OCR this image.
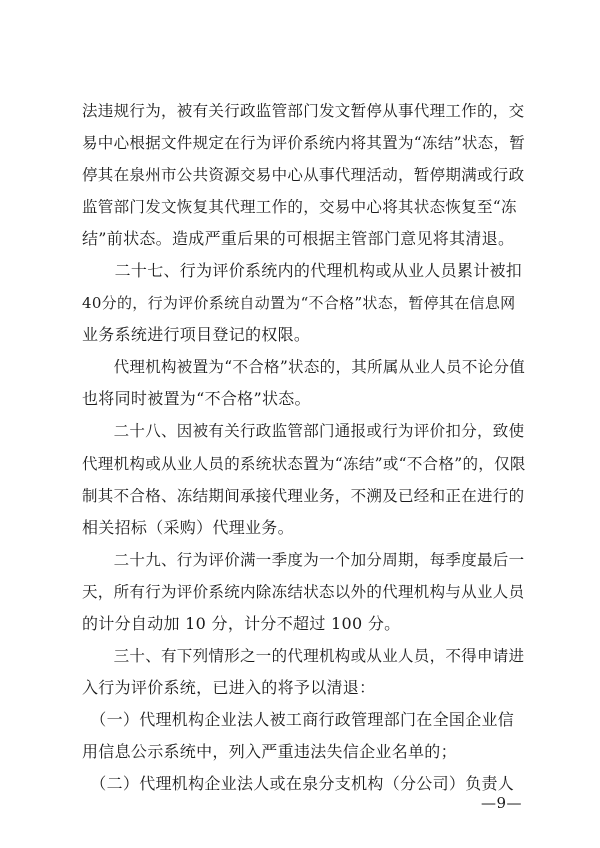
法违规行为，被有关行政监管部门发文暂停从事代理工作的，交
易中心根据文件规定在行为评价系统内将其置为“冻结”状态，暂
停其在泉州市公共资源交易中心从事代理活动，暂停期满或行政
监管部门发文恢复其代理工作的，交易中心将其状态恢复至“冻
结”前状态。造成严重后果的可根据主管部门意见将其清退。
　　二十七、行为评价系统内的代理机构或从业人员累计被扣
40分的，行为评价系统自动置为“不合格”状态，暂停其在信息网
业务系统进行项目登记的权限。
　　代理机构被置为“不合格”状态的，其所属从业人员不论分值
也将同时被置为“不合格”状态。
　　二十八、因被有关行政监管部门通报或行为评价扣分，致使
代理机构或从业人员的系统状态置为“冻结”或“不合格”的，仅限
制其不合格、冻结期间承接代理业务，不溯及已经和正在进行的
相关招标（采购）代理业务。
　　二十九、行为评价满一季度为一个加分周期，每季度最后一
天，所有行为评价系统内除冻结状态以外的代理机构与从业人员
的计分自动加 10 分，计分不超过 100 分。
　　三十、有下列情形之一的代理机构或从业人员，不得申请进
入行为评价系统，已进入的将予以清退：
　（一）代理机构企业法人被工商行政管理部门在全国企业信
用信息公示系统中，列入严重违法失信企业名单的；
　（二）代理机构企业法人或在泉分支机构（分公司）负责人
—9—
